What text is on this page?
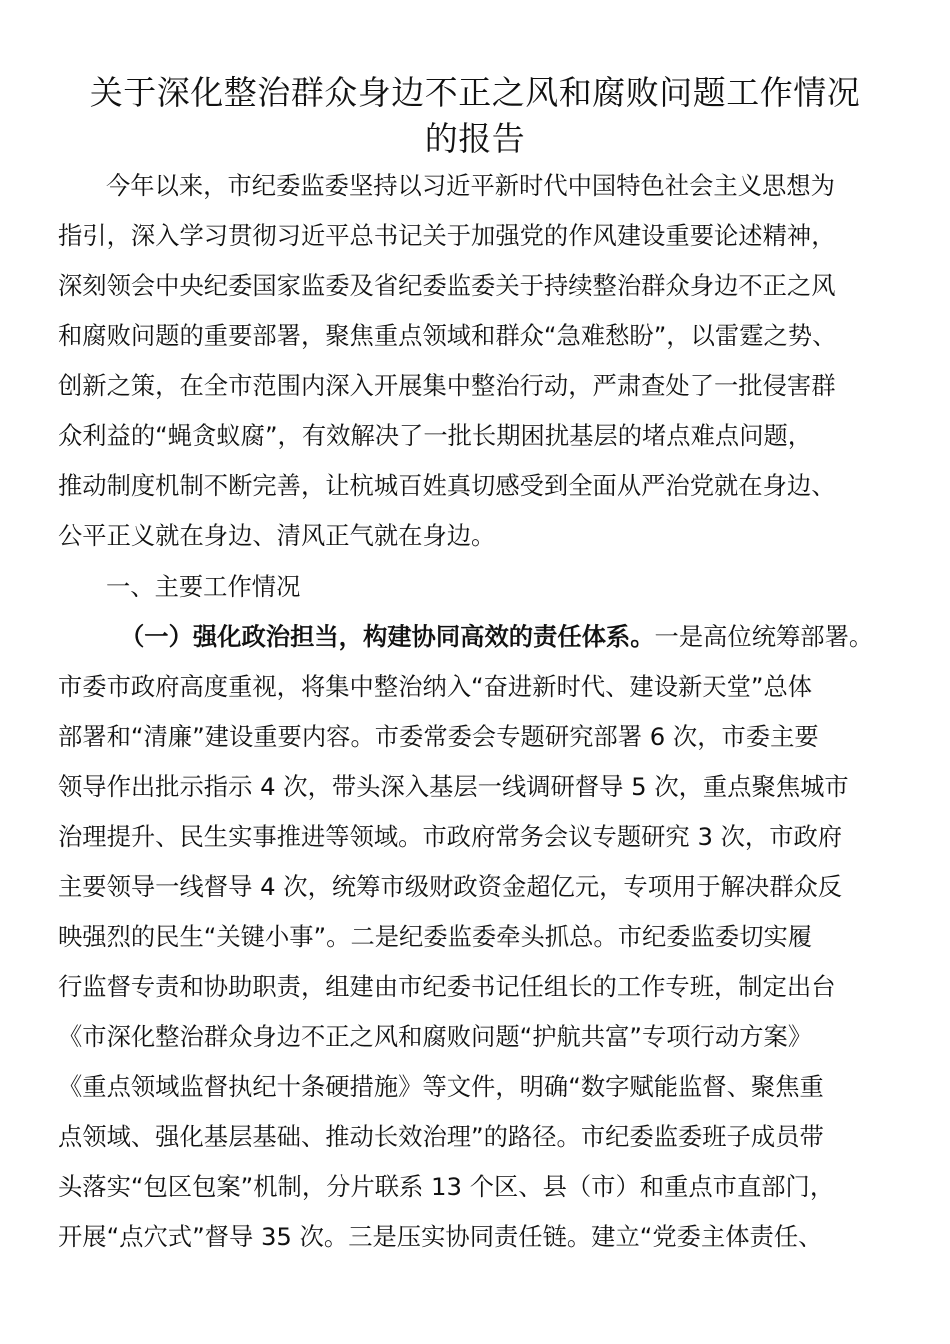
关于深化整治群众身边不正之风和腐败问题工作情况
的报告
今年以来，市纪委监委坚持以习近平新时代中国特色社会主义思想为
指引，深入学习贯彻习近平总书记关于加强党的作风建设重要论述精神，
深刻领会中央纪委国家监委及省纪委监委关于持续整治群众身边不正之风
和腐败问题的重要部署，聚焦重点领域和群众“急难愁盼”，以雷霆之势、
创新之策，在全市范围内深入开展集中整治行动，严肃查处了一批侵害群
众利益的“蝇贪蚁腐”，有效解决了一批长期困扰基层的堵点难点问题，
推动制度机制不断完善，让杭城百姓真切感受到全面从严治党就在身边、
公平正义就在身边、清风正气就在身边。
一、主要工作情况
（一）强化政治担当，构建协同高效的责任体系。一是高位统筹部署。
市委市政府高度重视，将集中整治纳入“奋进新时代、建设新天堂”总体
部署和“清廉”建设重要内容。市委常委会专题研究部署 6 次，市委主要
领导作出批示指示 4 次，带头深入基层一线调研督导 5 次，重点聚焦城市
治理提升、民生实事推进等领域。市政府常务会议专题研究 3 次，市政府
主要领导一线督导 4 次，统筹市级财政资金超亿元，专项用于解决群众反
映强烈的民生“关键小事”。二是纪委监委牵头抓总。市纪委监委切实履
行监督专责和协助职责，组建由市纪委书记任组长的工作专班，制定出台
《市深化整治群众身边不正之风和腐败问题“护航共富”专项行动方案》
《重点领域监督执纪十条硬措施》等文件，明确“数字赋能监督、聚焦重
点领域、强化基层基础、推动长效治理”的路径。市纪委监委班子成员带
头落实“包区包案”机制，分片联系 13 个区、县（市）和重点市直部门，
开展“点穴式”督导 35 次。三是压实协同责任链。建立“党委主体责任、
